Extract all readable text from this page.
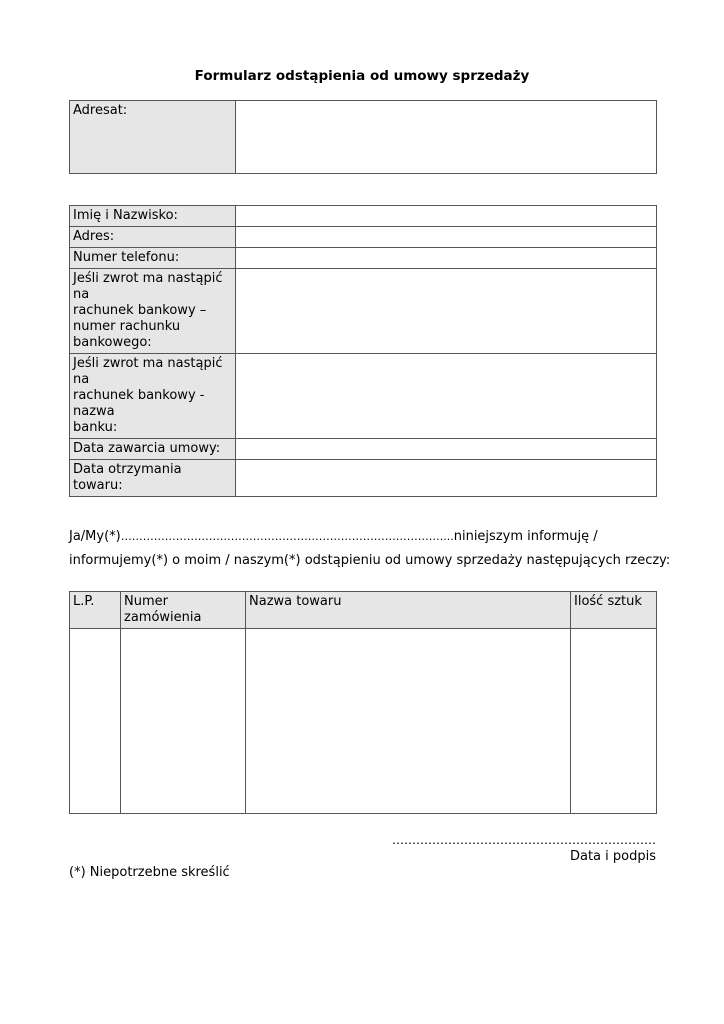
Formularz odstąpienia od umowy sprzedaży
Adresat:	
Imię i Nazwisko:	
Adres:	
Numer telefonu:	

Jeśli zwrot ma nastąpić na
rachunek bankowy –
numer rachunku
bankowego:	

Jeśli zwrot ma nastąpić na
rachunek bankowy -
nazwa
banku:	

Data zawarcia umowy:	
Data otrzymania towaru:	
Ja/My(*)……………………………………………………………………………....niniejszym informuję /
informujemy(*) o moim / naszym(*) odstąpieniu od umowy sprzedaży następujących rzeczy:
L.P.	Numer zamówienia	Nazwa towaru	Ilość sztuk

…………………………………………………………
Data i podpis
(*) Niepotrzebne skreślić
